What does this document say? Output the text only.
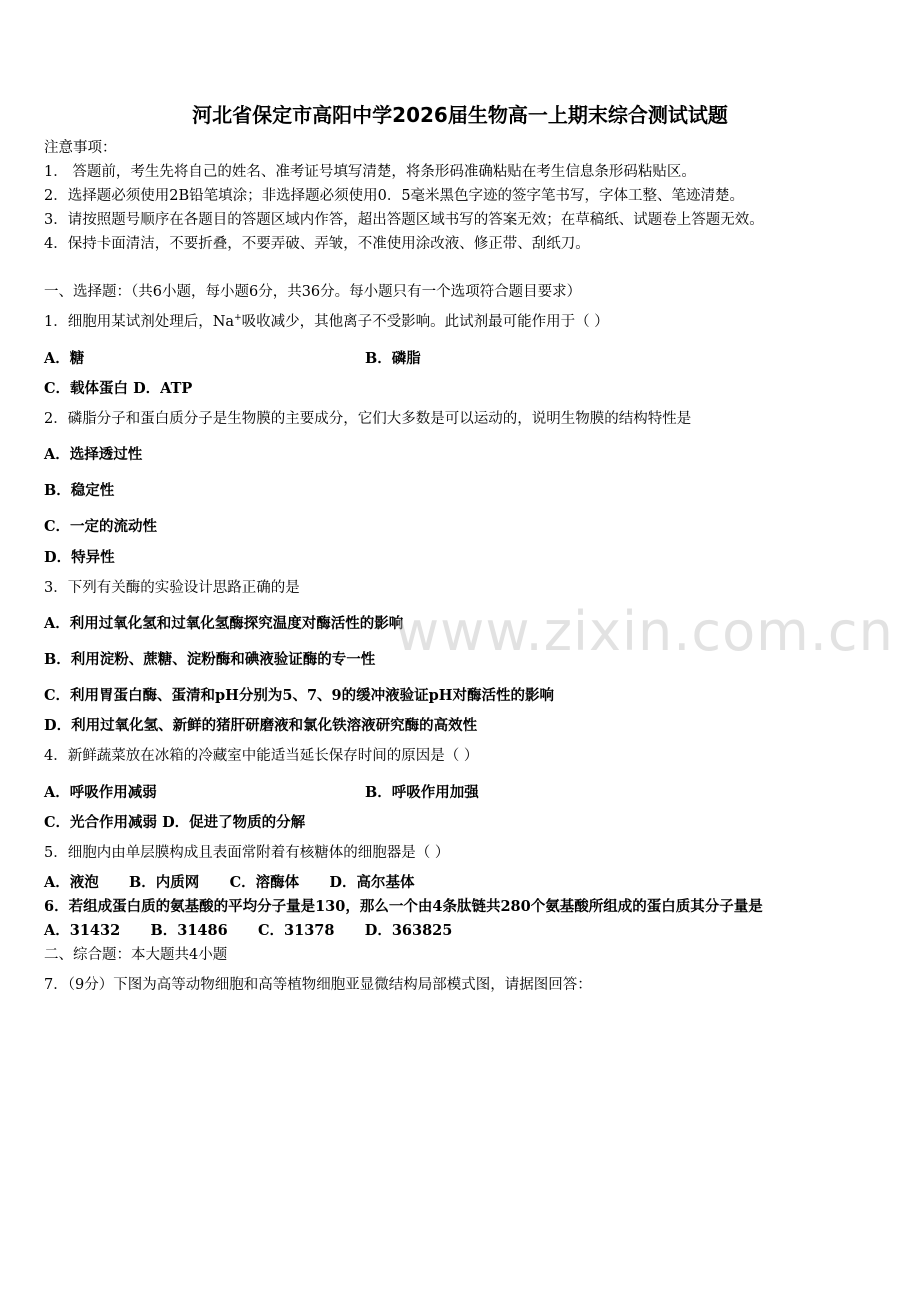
河北省保定市高阳中学2026届生物高一上期末综合测试试题
注意事项：
1． 答题前，考生先将自己的姓名、准考证号填写清楚，将条形码准确粘贴在考生信息条形码粘贴区。
2．选择题必须使用2B铅笔填涂；非选择题必须使用0．5毫米黑色字迹的签字笔书写，字体工整、笔迹清楚。
3．请按照题号顺序在各题目的答题区域内作答，超出答题区域书写的答案无效；在草稿纸、试题卷上答题无效。
4．保持卡面清洁，不要折叠，不要弄破、弄皱，不准使用涂改液、修正带、刮纸刀。
一、选择题：（共6小题，每小题6分，共36分。每小题只有一个选项符合题目要求）
1．细胞用某试剂处理后，Na+吸收减少，其他离子不受影响。此试剂最可能作用于（ ）
A．糖	B．磷脂
C．载体蛋白 D．ATP
2．磷脂分子和蛋白质分子是生物膜的主要成分，它们大多数是可以运动的，说明生物膜的结构特性是
A．选择透过性
B．稳定性
C．一定的流动性
D．特异性
3．下列有关酶的实验设计思路正确的是
A．利用过氧化氢和过氧化氢酶探究温度对酶活性的影响
B．利用淀粉、蔗糖、淀粉酶和碘液验证酶的专一性
C．利用胃蛋白酶、蛋清和pH分别为5、7、9的缓冲液验证pH对酶活性的影响
D．利用过氧化氢、新鲜的猪肝研磨液和氯化铁溶液研究酶的高效性
4．新鲜蔬菜放在冰箱的冷藏室中能适当延长保存时间的原因是（ ）
A．呼吸作用减弱	B．呼吸作用加强
C．光合作用减弱 D．促进了物质的分解
5．细胞内由单层膜构成且表面常附着有核糖体的细胞器是（ ）
A．液泡      B．内质网      C．溶酶体      D．高尔基体
6．若组成蛋白质的氨基酸的平均分子量是130，那么一个由4条肽链共280个氨基酸所组成的蛋白质其分子量是
A．31432      B．31486      C．31378      D．363825
二、综合题：本大题共4小题
7．（9分）下图为高等动物细胞和高等植物细胞亚显微结构局部模式图，请据图回答：
www.zixin.com.cn
